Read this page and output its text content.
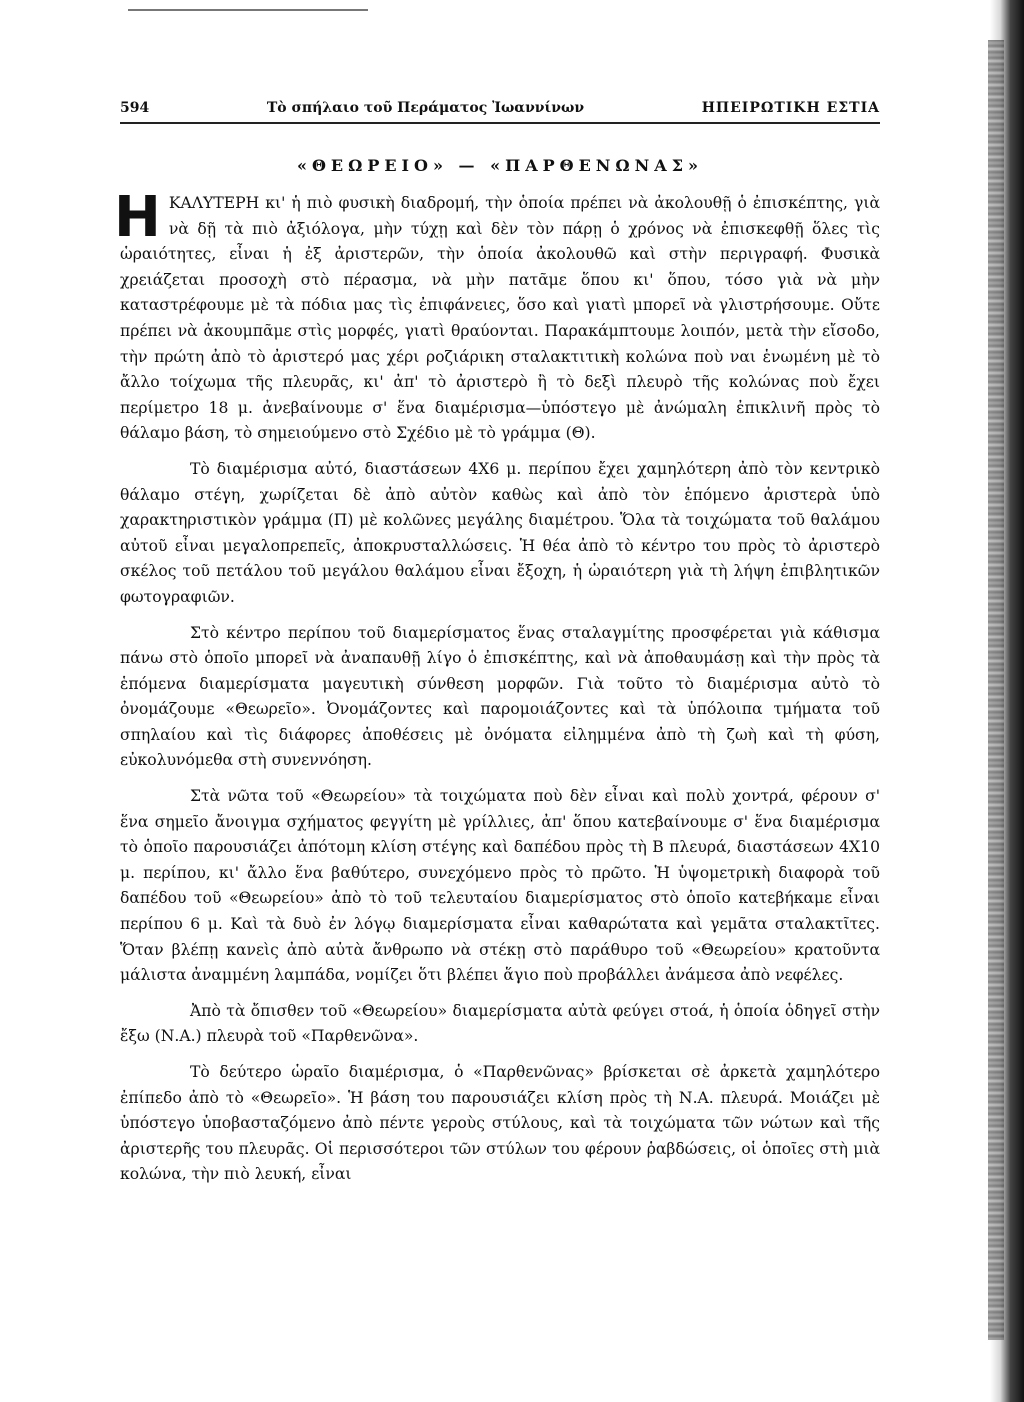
594	Τὸ σπήλαιο τοῦ Περάματος Ἰωαννίνων	ΗΠΕΙΡΩΤΙΚΗ ΕΣΤΙΑ
«ΘΕΩΡΕΙΟ» — «ΠΑΡΘΕΝΩΝΑΣ»

ΗΚΑΛΥΤΕΡΗ κι' ἡ πιὸ φυσικὴ διαδρομή, τὴν ὁποία πρέπει νὰ ἀκολουθῇ ὁ ἐπισκέπτης, γιὰ νὰ δῇ τὰ πιὸ ἀξιόλογα, μὴν τύχῃ καὶ δὲν τὸν πάρῃ ὁ χρόνος νὰ ἐπισκεφθῇ ὅλες τὶς ὡραιότητες, εἶναι ἡ ἐξ ἀριστερῶν, τὴν ὁποία ἀκολουθῶ καὶ στὴν περιγραφή. Φυσικὰ χρειάζεται προσοχὴ στὸ πέρασμα, νὰ μὴν πατᾶμε ὅπου κι' ὅπου, τόσο γιὰ νὰ μὴν καταστρέφουμε μὲ τὰ πόδια μας τὶς ἐπιφάνειες, ὅσο καὶ γιατὶ μπορεῖ νὰ γλιστρήσουμε. Οὔτε πρέπει νὰ ἀκουμπᾶμε στὶς μορφές, γιατὶ θραύονται. Παρακάμπτουμε λοιπόν, μετὰ τὴν εἴσοδο, τὴν πρώτη ἀπὸ τὸ ἀριστερό μας χέρι ροζιάρικη σταλακτιτικὴ κολώνα ποὺ ναι ἑνωμένη μὲ τὸ ἄλλο τοίχωμα τῆς πλευρᾶς, κι' ἀπ' τὸ ἀριστερὸ ἢ τὸ δεξὶ πλευρὸ τῆς κολώνας ποὺ ἔχει περίμετρο 18 μ. ἀνεβαίνουμε σ' ἕνα διαμέρισμα—ὑπόστεγο μὲ ἀνώμαλη ἐπικλινῆ πρὸς τὸ θάλαμο βάση, τὸ σημειούμενο στὸ Σχέδιο μὲ τὸ γράμμα (Θ).

Τὸ διαμέρισμα αὐτό, διαστάσεων 4Χ6 μ. περίπου ἔχει χαμηλότερη ἀπὸ τὸν κεντρικὸ θάλαμο στέγη, χωρίζεται δὲ ἀπὸ αὐτὸν καθὼς καὶ ἀπὸ τὸν ἑπόμενο ἀριστερὰ ὑπὸ χαρακτηριστικὸν γράμμα (Π) μὲ κολῶνες μεγάλης διαμέτρου. Ὅλα τὰ τοιχώματα τοῦ θαλάμου αὐτοῦ εἶναι μεγαλοπρεπεῖς, ἀποκρυσταλλώσεις. Ἡ θέα ἀπὸ τὸ κέντρο του πρὸς τὸ ἀριστερὸ σκέλος τοῦ πετάλου τοῦ μεγάλου θαλάμου εἶναι ἔξοχη, ἡ ὡραιότερη γιὰ τὴ λήψη ἐπιβλητικῶν φωτογραφιῶν.

Στὸ κέντρο περίπου τοῦ διαμερίσματος ἕνας σταλαγμίτης προσφέρεται γιὰ κάθισμα πάνω στὸ ὁποῖο μπορεῖ νὰ ἀναπαυθῇ λίγο ὁ ἐπισκέπτης, καὶ νὰ ἀποθαυμάσῃ καὶ τὴν πρὸς τὰ ἑπόμενα διαμερίσματα μαγευτικὴ σύνθεση μορφῶν. Γιὰ τοῦτο τὸ διαμέρισμα αὐτὸ τὸ ὀνομάζουμε «Θεωρεῖο». Ὀνομάζοντες καὶ παρομοιάζοντες καὶ τὰ ὑπόλοιπα τμήματα τοῦ σπηλαίου καὶ τὶς διάφορες ἀποθέσεις μὲ ὀνόματα εἰλημμένα ἀπὸ τὴ ζωὴ καὶ τὴ φύση, εὐκολυνόμεθα στὴ συνεννόηση.

Στὰ νῶτα τοῦ «Θεωρείου» τὰ τοιχώματα ποὺ δὲν εἶναι καὶ πολὺ χοντρά, φέρουν σ' ἕνα σημεῖο ἄνοιγμα σχήματος φεγγίτη μὲ γρίλλιες, ἀπ' ὅπου κατεβαίνουμε σ' ἕνα διαμέρισμα τὸ ὁποῖο παρουσιάζει ἀπότομη κλίση στέγης καὶ δαπέδου πρὸς τὴ Β πλευρά, διαστάσεων 4Χ10 μ. περίπου, κι' ἄλλο ἕνα βαθύτερο, συνεχόμενο πρὸς τὸ πρῶτο. Ἡ ὑψομετρικὴ διαφορὰ τοῦ δαπέδου τοῦ «Θεωρείου» ἀπὸ τὸ τοῦ τελευταίου διαμερίσματος στὸ ὁποῖο κατεβήκαμε εἶναι περίπου 6 μ. Καὶ τὰ δυὸ ἐν λόγῳ διαμερίσματα εἶναι καθαρώτατα καὶ γεμᾶτα σταλακτῖτες. Ὅταν βλέπῃ κανεὶς ἀπὸ αὐτὰ ἄνθρωπο νὰ στέκῃ στὸ παράθυρο τοῦ «Θεωρείου» κρατοῦντα μάλιστα ἀναμμένη λαμπάδα, νομίζει ὅτι βλέπει ἅγιο ποὺ προβάλλει ἀνάμεσα ἀπὸ νεφέλες.

Ἀπὸ τὰ ὄπισθεν τοῦ «Θεωρείου» διαμερίσματα αὐτὰ φεύγει στοά, ἡ ὁποία ὁδηγεῖ στὴν ἔξω (Ν.Α.) πλευρὰ τοῦ «Παρθενῶνα».

Τὸ δεύτερο ὡραῖο διαμέρισμα, ὁ «Παρθενῶνας» βρίσκεται σὲ ἀρκετὰ χαμηλότερο ἐπίπεδο ἀπὸ τὸ «Θεωρεῖο». Ἡ βάση του παρουσιάζει κλίση πρὸς τὴ Ν.Α. πλευρά. Μοιάζει μὲ ὑπόστεγο ὑποβασταζόμενο ἀπὸ πέντε γεροὺς στύλους, καὶ τὰ τοιχώματα τῶν νώτων καὶ τῆς ἀριστερῆς του πλευρᾶς. Οἱ περισσότεροι τῶν στύλων του φέρουν ῥαβδώσεις, οἱ ὁποῖες στὴ μιὰ κολώνα, τὴν πιὸ λευκή, εἶναι
